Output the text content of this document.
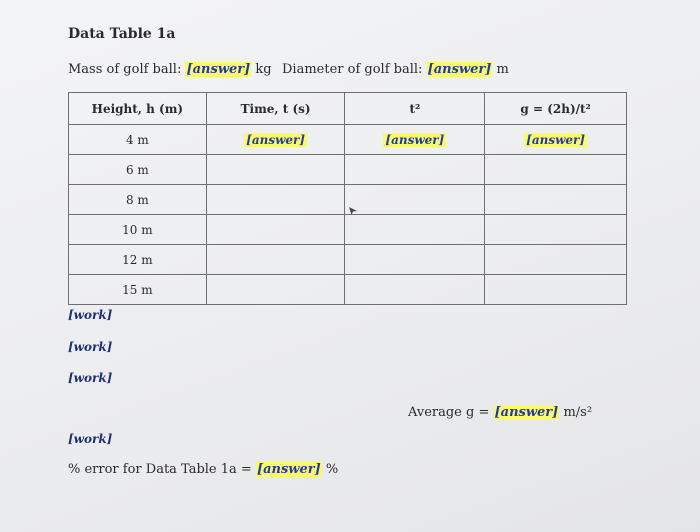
Data Table 1a
Mass of golf ball: [answer] kg Diameter of golf ball: [answer] m
Height, h (m)	Time, t (s)	t²	g = (2h)/t²
4 m	[answer]	[answer]	[answer]
6 m			
8 m			
10 m			
12 m			
15 m			
[work]
[work]
[work]
Average g = [answer] m/s²
[work]
% error for Data Table 1a = [answer] %
